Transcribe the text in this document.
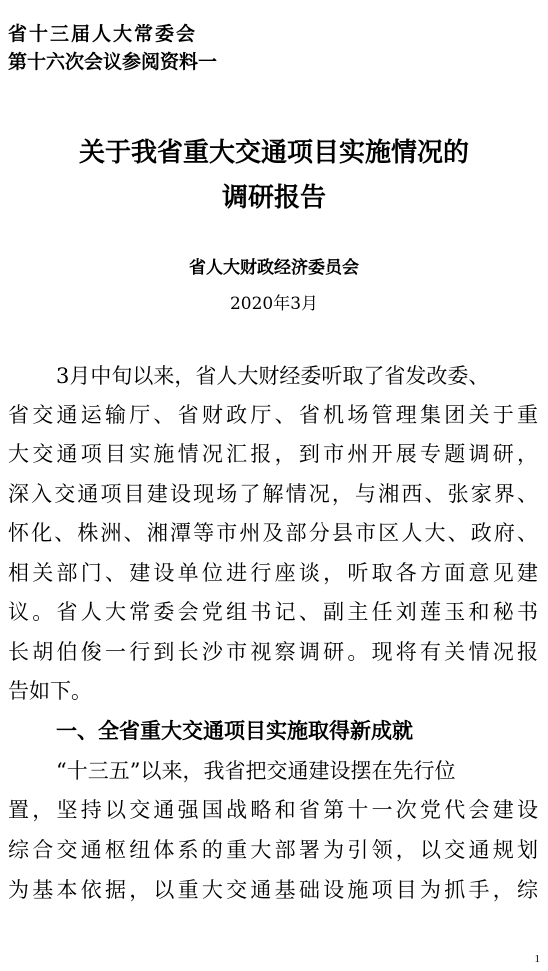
省十三届人大常委会
第十六次会议参阅资料一
关于我省重大交通项目实施情况的
调研报告
省人大财政经济委员会
2020年3月
3月中旬以来，省人大财经委听取了省发改委、
省交通运输厅、省财政厅、省机场管理集团关于重
大交通项目实施情况汇报，到市州开展专题调研，
深入交通项目建设现场了解情况，与湘西、张家界、
怀化、株洲、湘潭等市州及部分县市区人大、政府、
相关部门、建设单位进行座谈，听取各方面意见建
议。省人大常委会党组书记、副主任刘莲玉和秘书
长胡伯俊一行到长沙市视察调研。现将有关情况报
告如下。
一、全省重大交通项目实施取得新成就
“十三五”以来，我省把交通建设摆在先行位
置，坚持以交通强国战略和省第十一次党代会建设
综合交通枢纽体系的重大部署为引领，以交通规划
为基本依据，以重大交通基础设施项目为抓手，综
1
